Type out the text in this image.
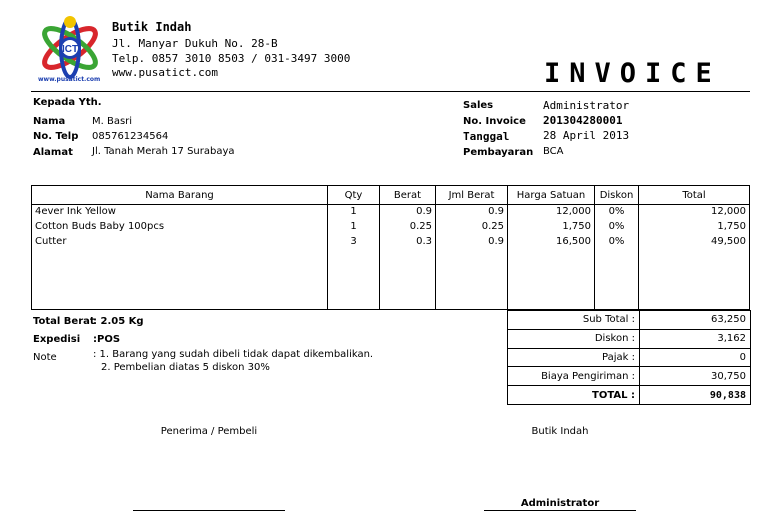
ICT
www.pusatict.com
Butik Indah
Jl. Manyar Dukuh No. 28-B
Telp. 0857 3010 8503 / 031-3497 3000
www.pusatict.com	INVOICE
Kepada Yth.
Nama	M. Basri
No. Telp 085761234564
Alamat Jl. Tanah Merah 17 Surabaya
Sales	Administrator
No. Invoice 201304280001
Tanggal	28 April 2013
Pembayaran BCA
Nama Barang	Qty	Berat	Jml Berat	Harga Satuan	Diskon	Total
4ever Ink Yellow	1	0.9	0.9	12,000	0%	12,000
Cotton Buds Baby 100pcs	1	0.25	0.25	1,750	0%	1,750
Cutter	3	0.3	0.9	16,500	0%	49,500

Total Berat
: 2.05 Kg
Expedisi :POS
Note	: 1. Barang yang sudah dibeli tidak dapat dikembalikan.
2. Pembelian diatas 5 diskon 30%
Sub Total :	63,250
Diskon :	3,162
Pajak :	0
Biaya Pengiriman :	30,750
TOTAL :	90,838
Penerima / Pembeli	Butik Indah
Administrator
